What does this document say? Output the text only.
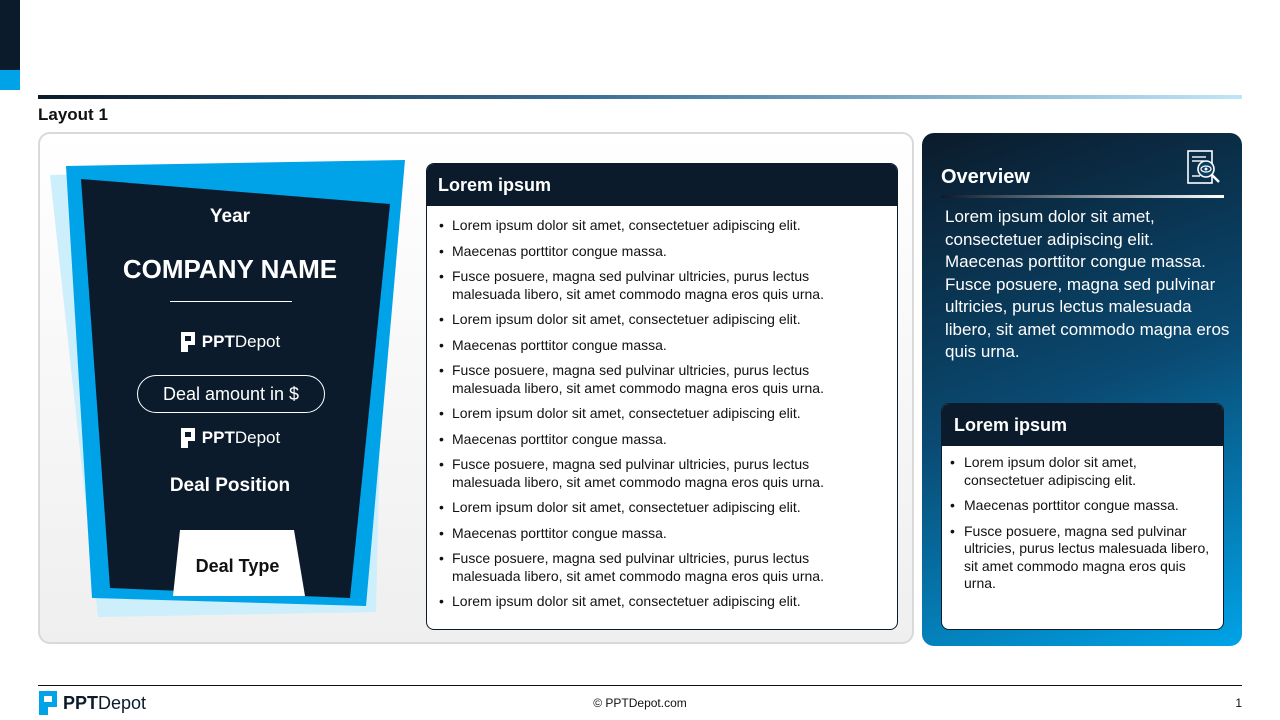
Layout 1
Year
COMPANY NAME
PPTDepot
Deal amount in $
PPTDepot
Deal Position
Deal Type
Lorem ipsum
• Lorem ipsum dolor sit amet, consectetuer adipiscing elit.
• Maecenas porttitor congue massa.
• Fusce posuere, magna sed pulvinar ultricies, purus lectus malesuada libero, sit amet commodo magna eros quis urna.
• Lorem ipsum dolor sit amet, consectetuer adipiscing elit.
• Maecenas porttitor congue massa.
• Fusce posuere, magna sed pulvinar ultricies, purus lectus malesuada libero, sit amet commodo magna eros quis urna.
• Lorem ipsum dolor sit amet, consectetuer adipiscing elit.
• Maecenas porttitor congue massa.
• Fusce posuere, magna sed pulvinar ultricies, purus lectus malesuada libero, sit amet commodo magna eros quis urna.
• Lorem ipsum dolor sit amet, consectetuer adipiscing elit.
• Maecenas porttitor congue massa.
• Fusce posuere, magna sed pulvinar ultricies, purus lectus malesuada libero, sit amet commodo magna eros quis urna.
• Lorem ipsum dolor sit amet, consectetuer adipiscing elit.
Overview
Lorem ipsum dolor sit amet, consectetuer adipiscing elit. Maecenas porttitor congue massa. Fusce posuere, magna sed pulvinar ultricies, purus lectus malesuada libero, sit amet commodo magna eros quis urna.
Lorem ipsum
• Lorem ipsum dolor sit amet, consectetuer adipiscing elit.
• Maecenas porttitor congue massa.
• Fusce posuere, magna sed pulvinar ultricies, purus lectus malesuada libero, sit amet commodo magna eros quis urna.
PPTDepot	© PPTDepot.com	1
